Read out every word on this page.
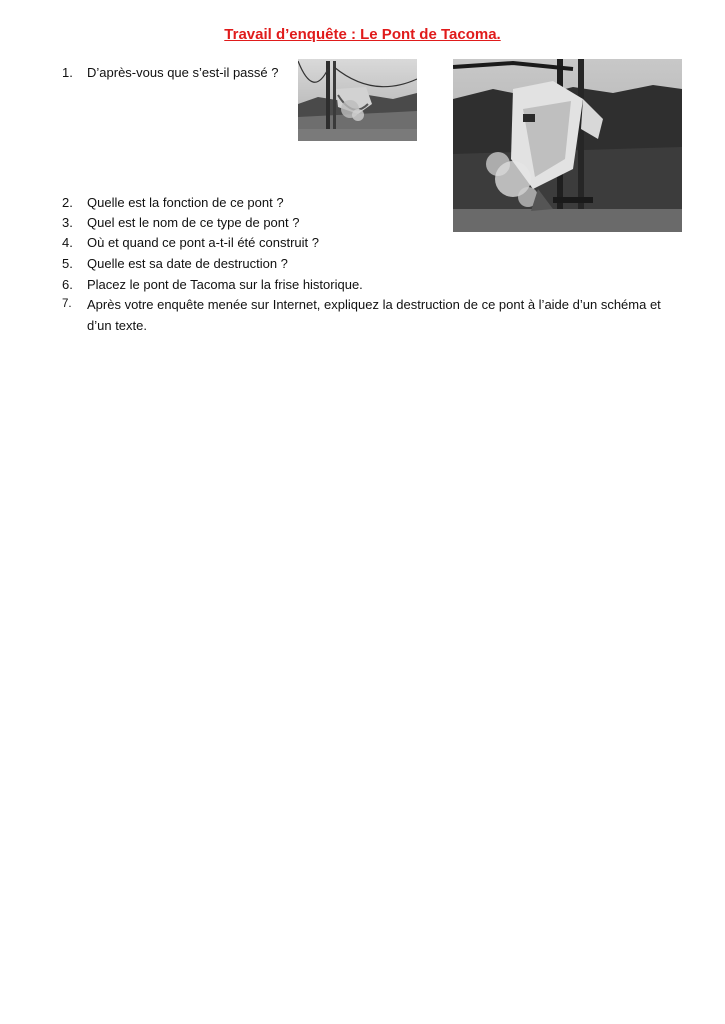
Travail d’enquête : Le Pont de Tacoma.
1. D’après-vous que s’est-il passé ?
2. Quelle est la fonction de ce pont ?
3. Quel est le nom de ce type de pont ?
4. Où et quand ce pont a-t-il été construit ?
5. Quelle est sa date de destruction ?
6. Placez le pont de Tacoma sur la frise historique.
7. Après votre enquête menée sur Internet, expliquez la destruction de ce pont à l’aide d’un schéma et d’un texte.
